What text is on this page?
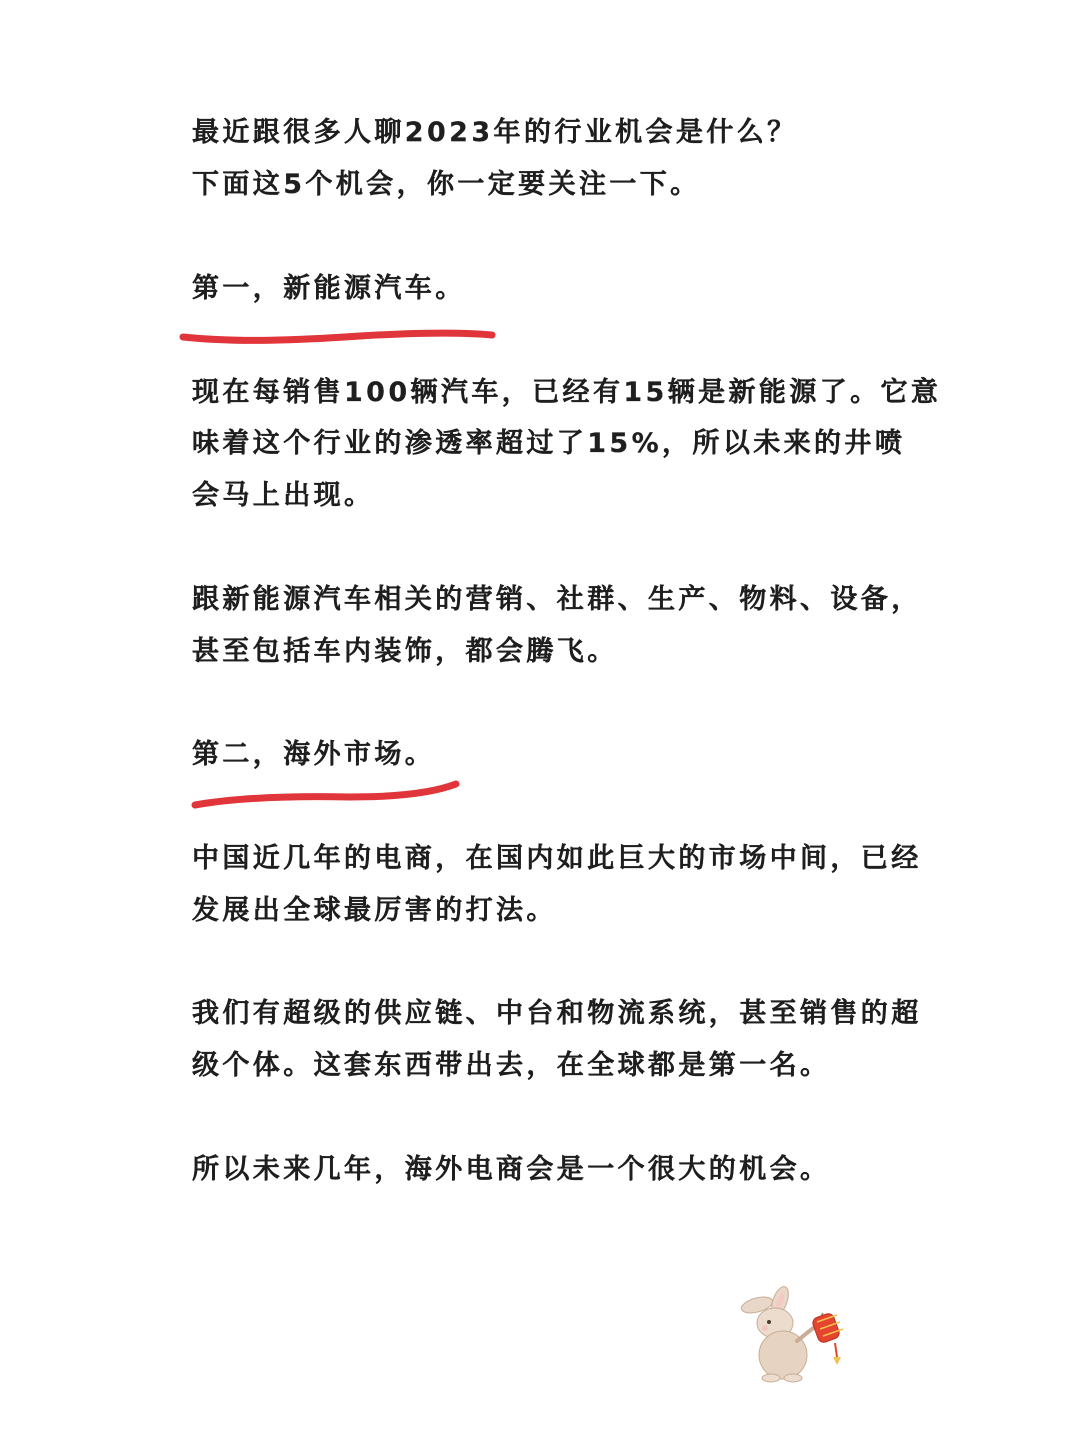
最近跟很多人聊2023年的行业机会是什么？
下面这5个机会，你一定要关注一下。
第一，新能源汽车。
现在每销售100辆汽车，已经有15辆是新能源了。它意
味着这个行业的渗透率超过了15%，所以未来的井喷
会马上出现。
跟新能源汽车相关的营销、社群、生产、物料、设备，
甚至包括车内装饰，都会腾飞。
第二，海外市场。
中国近几年的电商，在国内如此巨大的市场中间，已经
发展出全球最厉害的打法。
我们有超级的供应链、中台和物流系统，甚至销售的超
级个体。这套东西带出去，在全球都是第一名。
所以未来几年，海外电商会是一个很大的机会。
